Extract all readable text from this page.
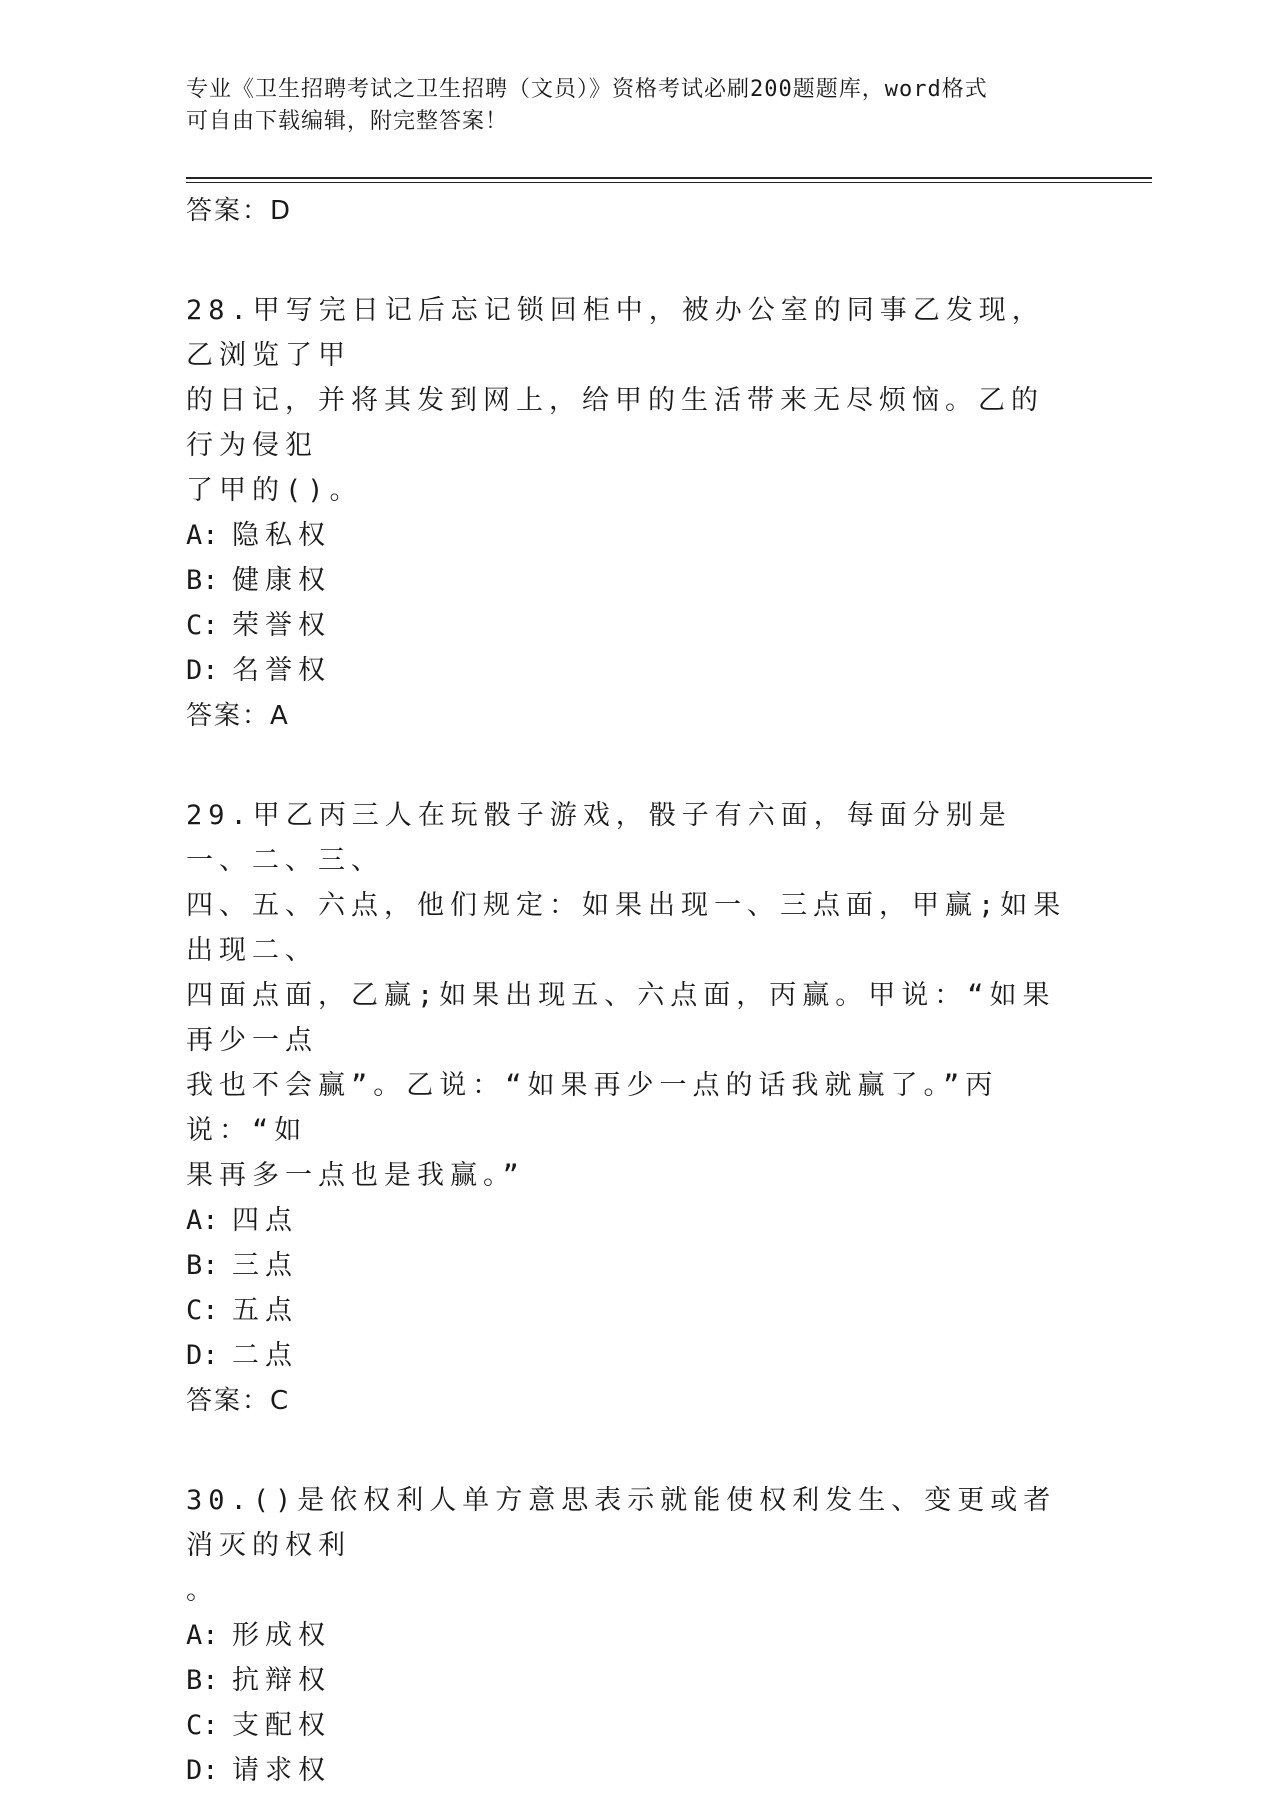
专业《卫生招聘考试之卫生招聘（文员）》资格考试必刷200题题库，word格式
可自由下载编辑，附完整答案！

答案：D

28.甲写完日记后忘记锁回柜中，被办公室的同事乙发现，乙浏览了甲

的日记，并将其发到网上，给甲的生活带来无尽烦恼。乙的行为侵犯

了甲的()。

A: 隐私权

B: 健康权

C: 荣誉权

D: 名誉权

答案：A

29.甲乙丙三人在玩骰子游戏，骰子有六面，每面分别是一、二、三、

四、五、六点，他们规定：如果出现一、三点面，甲赢;如果出现二、

四面点面，乙赢;如果出现五、六点面，丙赢。甲说：“如果再少一点

我也不会赢”。乙说：“如果再少一点的话我就赢了。”丙说：“如

果再多一点也是我赢。”

A: 四点

B: 三点

C: 五点

D: 二点

答案：C

30.()是依权利人单方意思表示就能使权利发生、变更或者消灭的权利

。

A: 形成权

B: 抗辩权

C: 支配权

D: 请求权
